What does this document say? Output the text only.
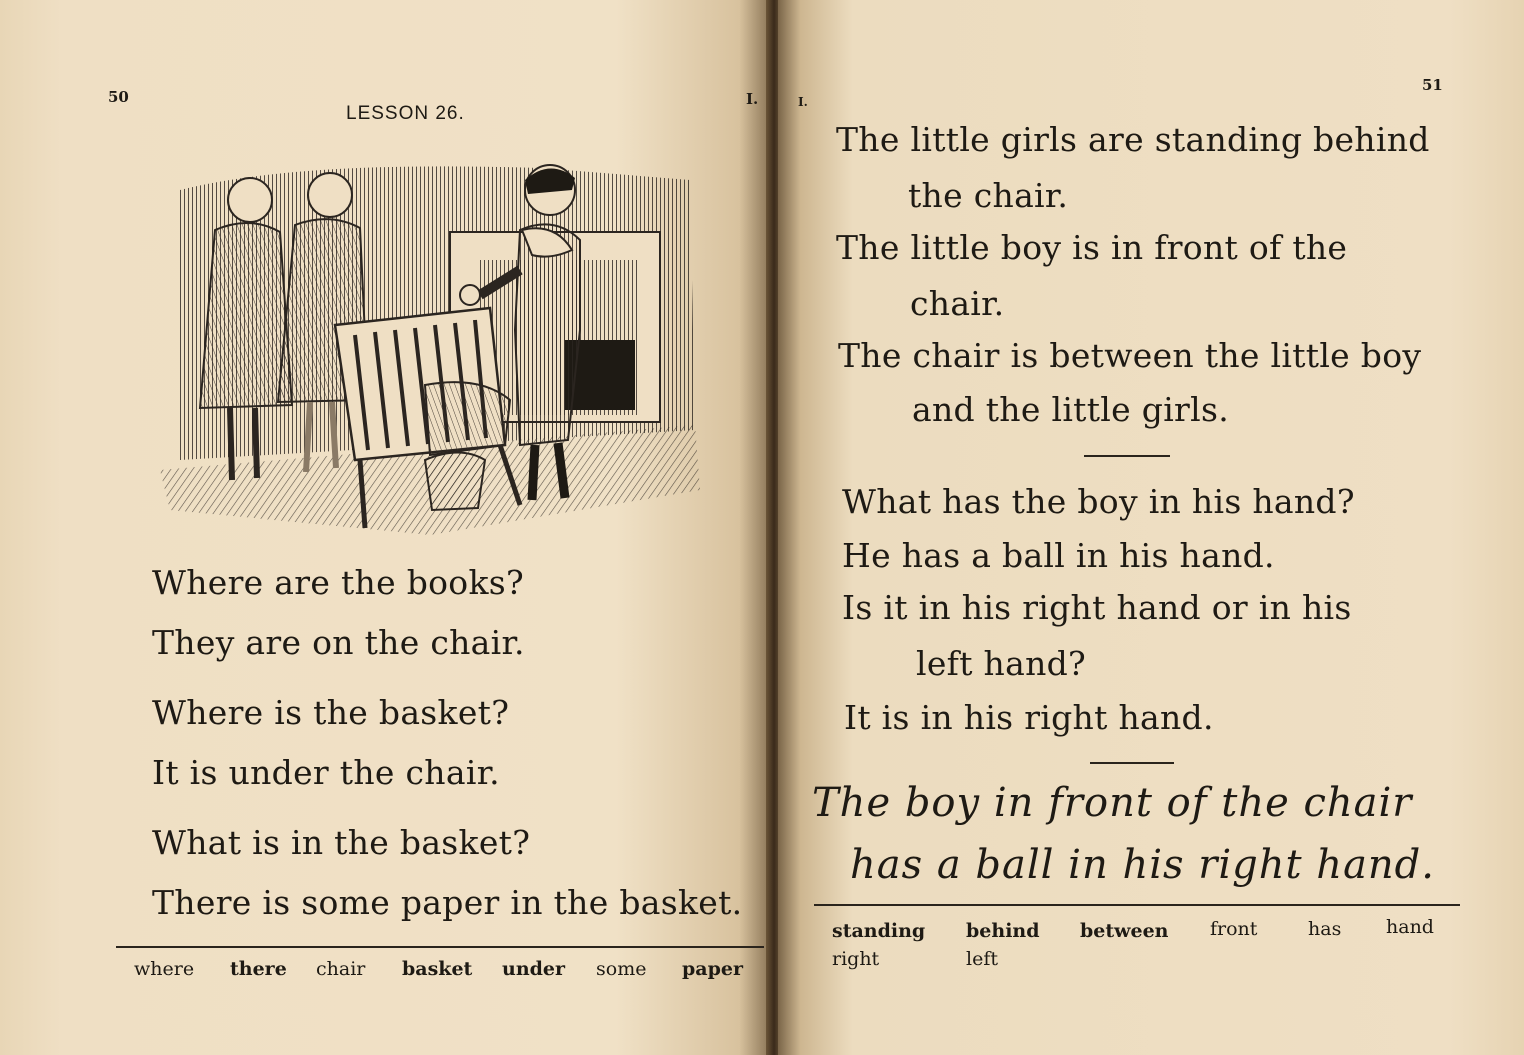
50
LESSON 26.
I.
Where are the books?
They are on the chair.
Where is the basket?
It is under the chair.
What is in the basket?
There is some paper in the basket.
where there chair basket under some paper
I.
51
The little girls are standing behind
the chair.
The little boy is in front of the
chair.
The chair is between the little boy
and the little girls.
What has the boy in his hand?
He has a ball in his hand.
Is it in his right hand or in his
left hand?
It is in his right hand.
The boy in front of the chair
has a ball in his right hand.
standing behind between front	has hand
right	left
